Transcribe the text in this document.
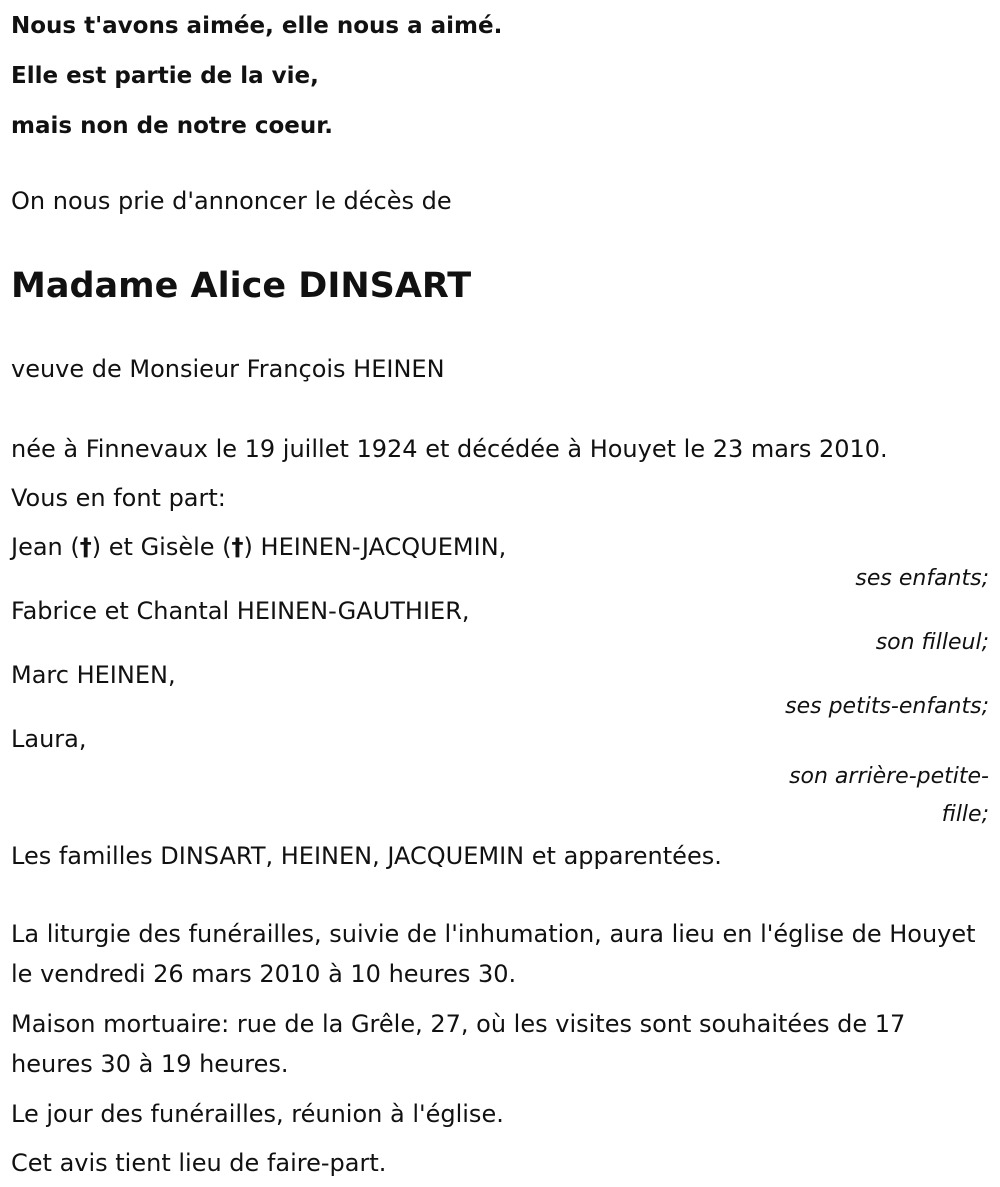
Nous t'avons aimée, elle nous a aimé.
Elle est partie de la vie,
mais non de notre coeur.
On nous prie d'annoncer le décès de
Madame Alice DINSART
veuve de Monsieur François HEINEN
née à Finnevaux le 19 juillet 1924 et décédée à Houyet le 23 mars 2010.
Vous en font part:
Jean (†) et Gisèle (†) HEINEN-JACQUEMIN,
ses enfants;
Fabrice et Chantal HEINEN-GAUTHIER,
son filleul;
Marc HEINEN,
ses petits-enfants;
Laura,
son arrière-petite-
fille;
Les familles DINSART, HEINEN, JACQUEMIN et apparentées.
La liturgie des funérailles, suivie de l'inhumation, aura lieu en l'église de Houyet le vendredi 26 mars 2010 à 10 heures 30.
Maison mortuaire: rue de la Grêle, 27, où les visites sont souhaitées de 17 heures 30 à 19 heures.
Le jour des funérailles, réunion à l'église.
Cet avis tient lieu de faire-part.
